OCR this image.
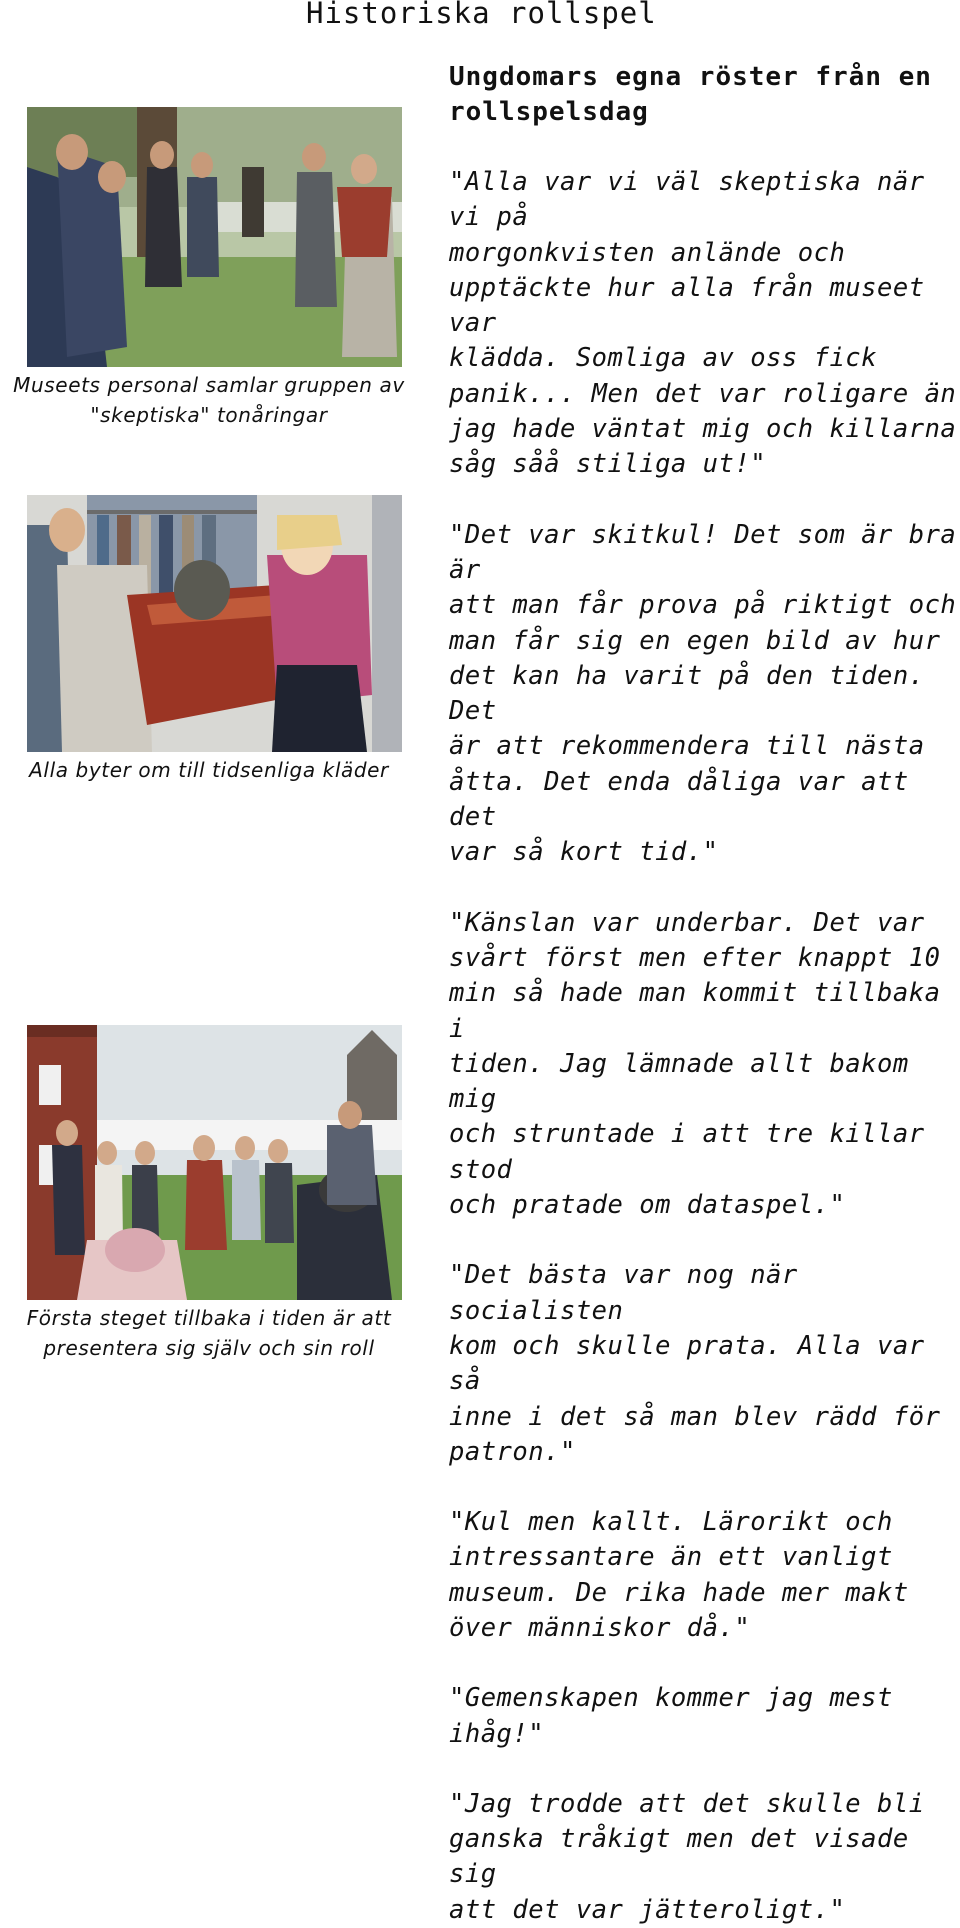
Historiska rollspel
Ungdomars egna röster från en rollspelsdag
Museets personal samlar gruppen av "skeptiska" tonåringar
Alla byter om till tidsenliga kläder
Första steget tillbaka i tiden är att presentera sig själv och sin roll

"Alla var vi väl skeptiska när vi på
morgonkvisten anlände och
upptäckte hur alla från museet var
klädda. Somliga av oss fick
panik... Men det var roligare än
jag hade väntat mig och killarna
såg såå stiliga ut!"

"Det var skitkul! Det som är bra är
att man får prova på riktigt och
man får sig en egen bild av hur
det kan ha varit på den tiden. Det
är att rekommendera till nästa
åtta. Det enda dåliga var att det
var så kort tid."

"Känslan var underbar. Det var
svårt först men efter knappt 10
min så hade man kommit tillbaka i
tiden. Jag lämnade allt bakom mig
och struntade i att tre killar stod
och pratade om dataspel."

"Det bästa var nog när socialisten
kom och skulle prata. Alla var så
inne i det så man blev rädd för
patron."

"Kul men kallt. Lärorikt och
intressantare än ett vanligt
museum. De rika hade mer makt
över människor då."

"Gemenskapen kommer jag mest
ihåg!"

"Jag trodde att det skulle bli
ganska tråkigt men det visade sig
att det var jätteroligt."
